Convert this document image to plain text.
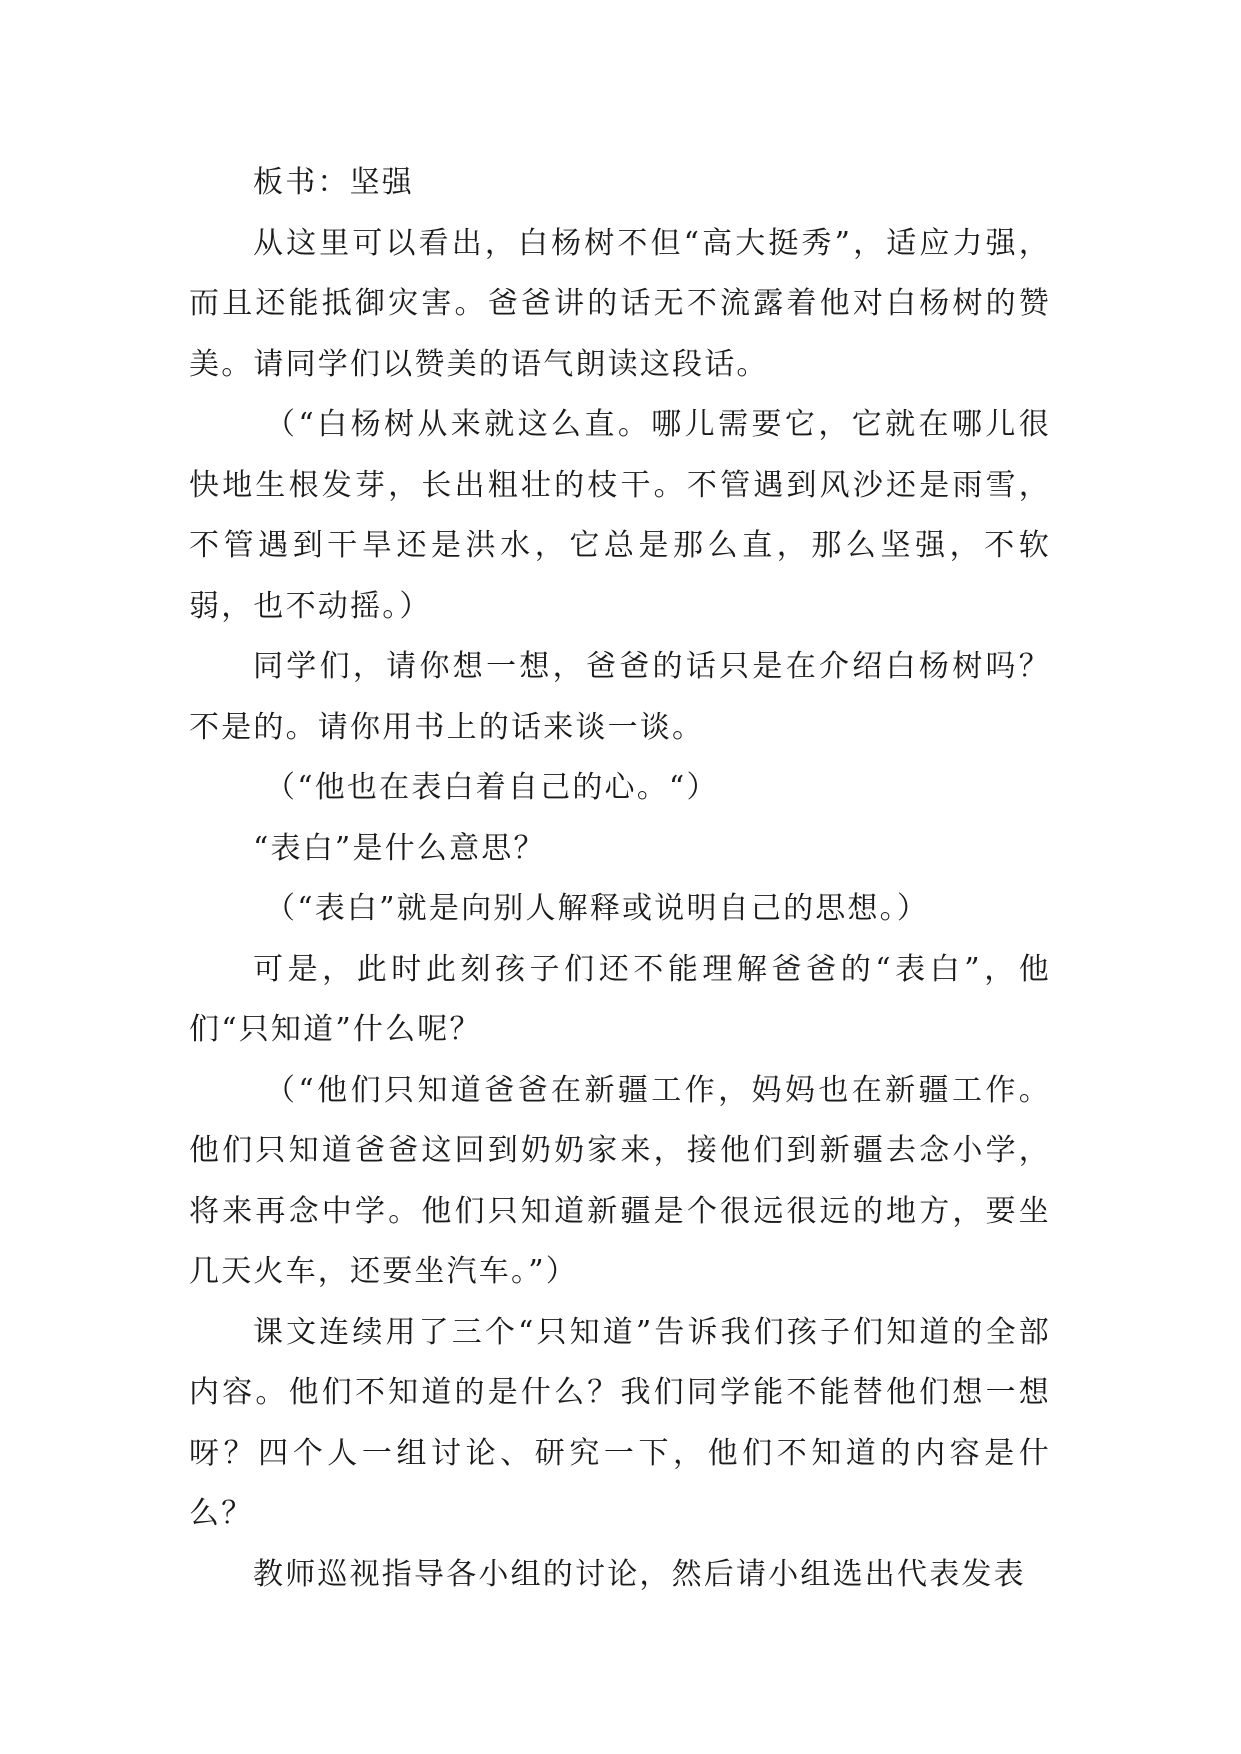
板书：坚强

从这里可以看出，白杨树不但“高大挺秀”，适应力强，而且还能抵御灾害。爸爸讲的话无不流露着他对白杨树的赞美。请同学们以赞美的语气朗读这段话。

（“白杨树从来就这么直。哪儿需要它，它就在哪儿很快地生根发芽，长出粗壮的枝干。不管遇到风沙还是雨雪，不管遇到干旱还是洪水，它总是那么直，那么坚强，不软弱，也不动摇。）

同学们，请你想一想，爸爸的话只是在介绍白杨树吗？不是的。请你用书上的话来谈一谈。

（“他也在表白着自己的心。“）

“表白”是什么意思？

（“表白”就是向别人解释或说明自己的思想。）

可是，此时此刻孩子们还不能理解爸爸的“表白”，他们“只知道”什么呢？

（“他们只知道爸爸在新疆工作，妈妈也在新疆工作。他们只知道爸爸这回到奶奶家来，接他们到新疆去念小学，将来再念中学。他们只知道新疆是个很远很远的地方，要坐几天火车，还要坐汽车。”）

课文连续用了三个“只知道”告诉我们孩子们知道的全部内容。他们不知道的是什么？我们同学能不能替他们想一想呀？四个人一组讨论、研究一下，他们不知道的内容是什么？

教师巡视指导各小组的讨论，然后请小组选出代表发表
